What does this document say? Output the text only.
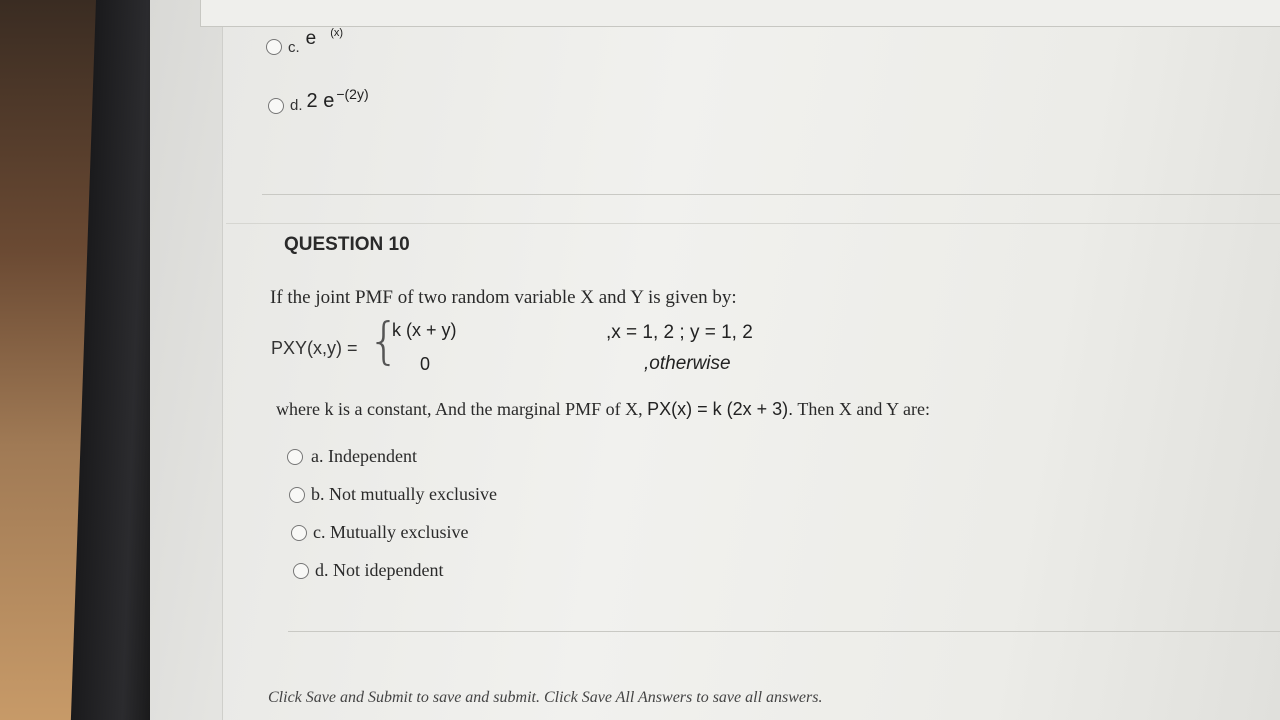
c. e (x)
d. 2 e −(2y)
QUESTION 10
If the joint PMF of two random variable X and Y is given by:
PXY(x,y) = {
k (x + y)
0
,x = 1, 2 ; y = 1, 2
,otherwise
where k is a constant, And the marginal PMF of X, PX(x) = k (2x + 3). Then X and Y are:
a. Independent
b. Not mutually exclusive
c. Mutually exclusive
d. Not idependent
Click Save and Submit to save and submit. Click Save All Answers to save all answers.
